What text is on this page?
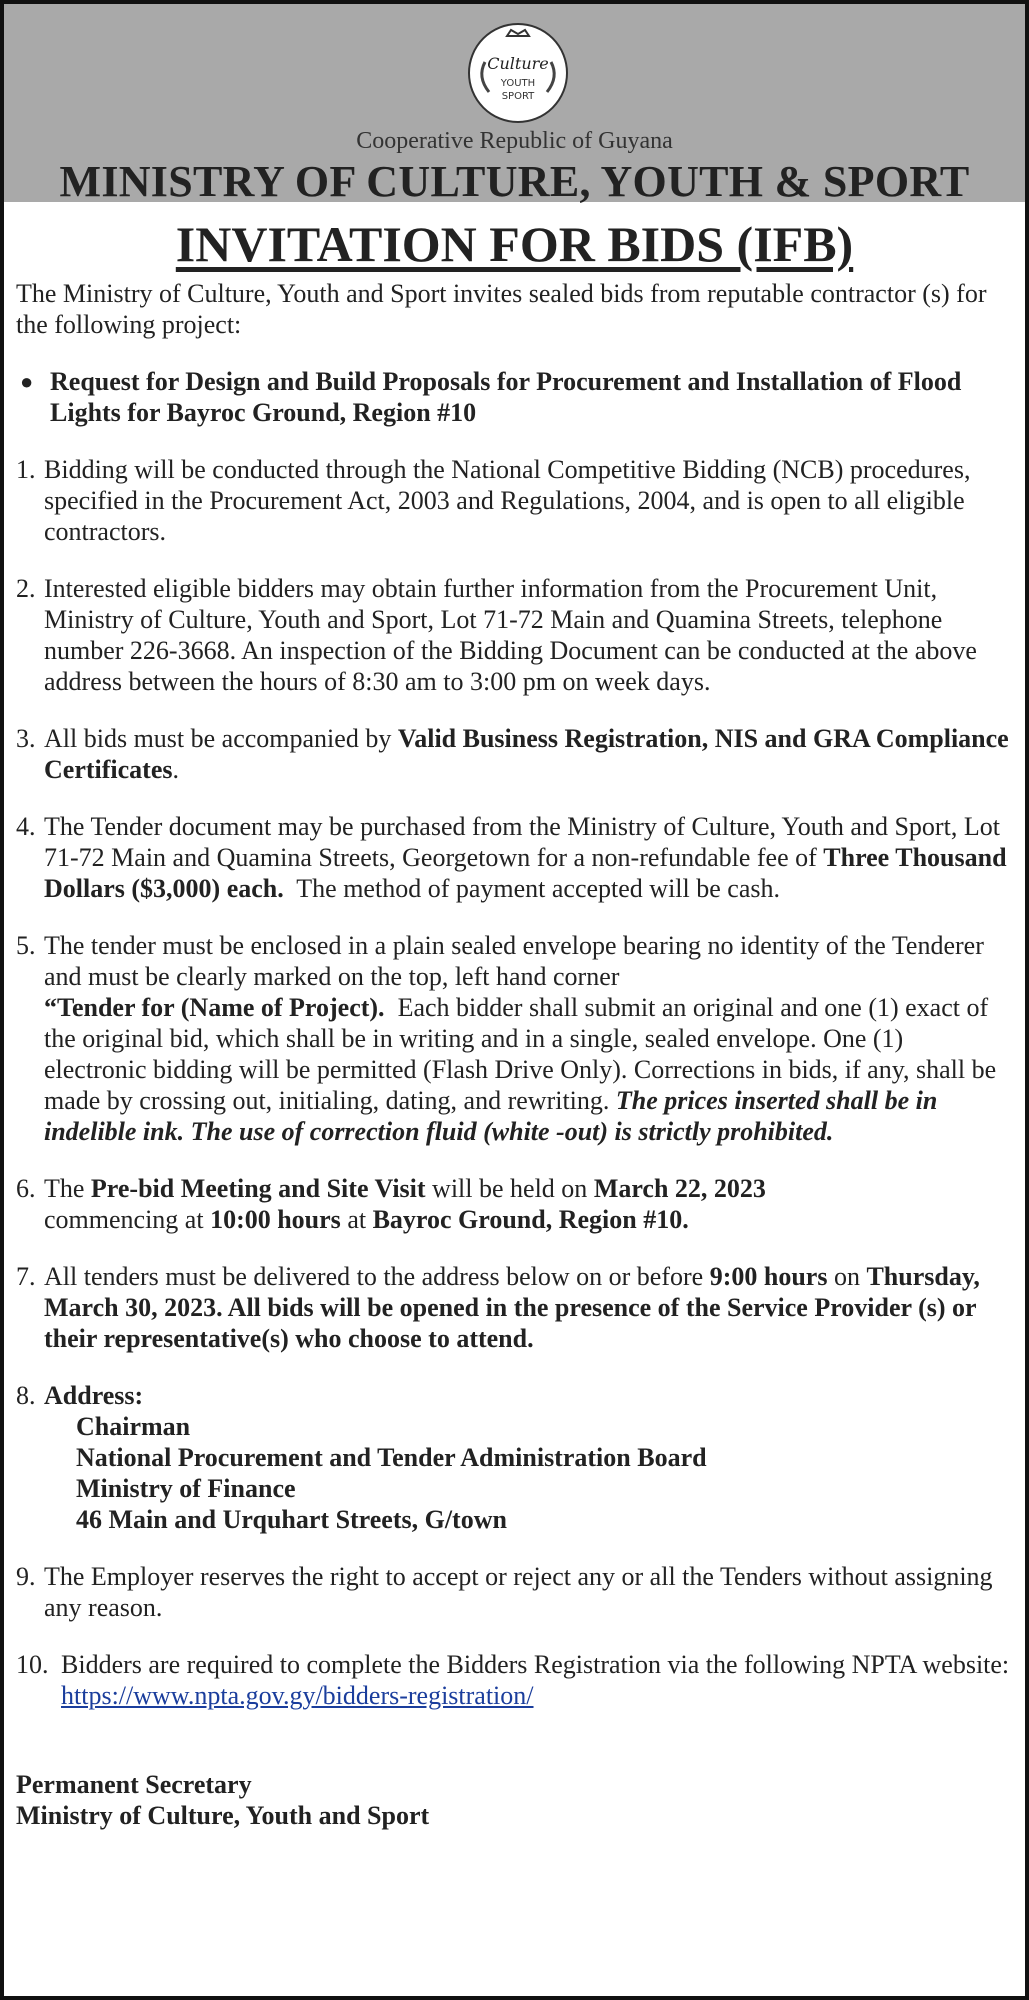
Culture
YOUTH
SPORT
Cooperative Republic of Guyana
MINISTRY OF CULTURE, YOUTH & SPORT
INVITATION FOR BIDS (IFB)
The Ministry of Culture, Youth and Sport invites sealed bids from reputable contractor (s) for the following project:
● Request for Design and Build Proposals for Procurement and Installation of Flood Lights for Bayroc Ground, Region #10
1. Bidding will be conducted through the National Competitive Bidding (NCB) procedures, specified in the Procurement Act, 2003 and Regulations, 2004, and is open to all eligible contractors.
2. Interested eligible bidders may obtain further information from the Procurement Unit, Ministry of Culture, Youth and Sport, Lot 71-72 Main and Quamina Streets, telephone number 226-3668. An inspection of the Bidding Document can be conducted at the above address between the hours of 8:30 am to 3:00 pm on week days.
3. All bids must be accompanied by Valid Business Registration, NIS and GRA Compliance Certificates.
4. The Tender document may be purchased from the Ministry of Culture, Youth and Sport, Lot 71-72 Main and Quamina Streets, Georgetown for a non-refundable fee of Three Thousand Dollars ($3,000) each.  The method of payment accepted will be cash.
5. The tender must be enclosed in a plain sealed envelope bearing no identity of the Tenderer and must be clearly marked on the top, left hand corner
“Tender for (Name of Project).  Each bidder shall submit an original and one (1) exact of the original bid, which shall be in writing and in a single, sealed envelope. One (1) electronic bidding will be permitted (Flash Drive Only). Corrections in bids, if any, shall be made by crossing out, initialing, dating, and rewriting. The prices inserted shall be in indelible ink. The use of correction fluid (white -out) is strictly prohibited.
6. The Pre-bid Meeting and Site Visit will be held on March 22, 2023
commencing at 10:00 hours at Bayroc Ground, Region #10.
7. All tenders must be delivered to the address below on or before 9:00 hours on Thursday, March 30, 2023. All bids will be opened in the presence of the Service Provider (s) or their representative(s) who choose to attend.
8. Address:
Chairman
National Procurement and Tender Administration Board
Ministry of Finance
46 Main and Urquhart Streets, G/town
9. The Employer reserves the right to accept or reject any or all the Tenders without assigning any reason.
10. Bidders are required to complete the Bidders Registration via the following NPTA website: https://www.npta.gov.gy/bidders-registration/
Permanent Secretary
Ministry of Culture, Youth and Sport
